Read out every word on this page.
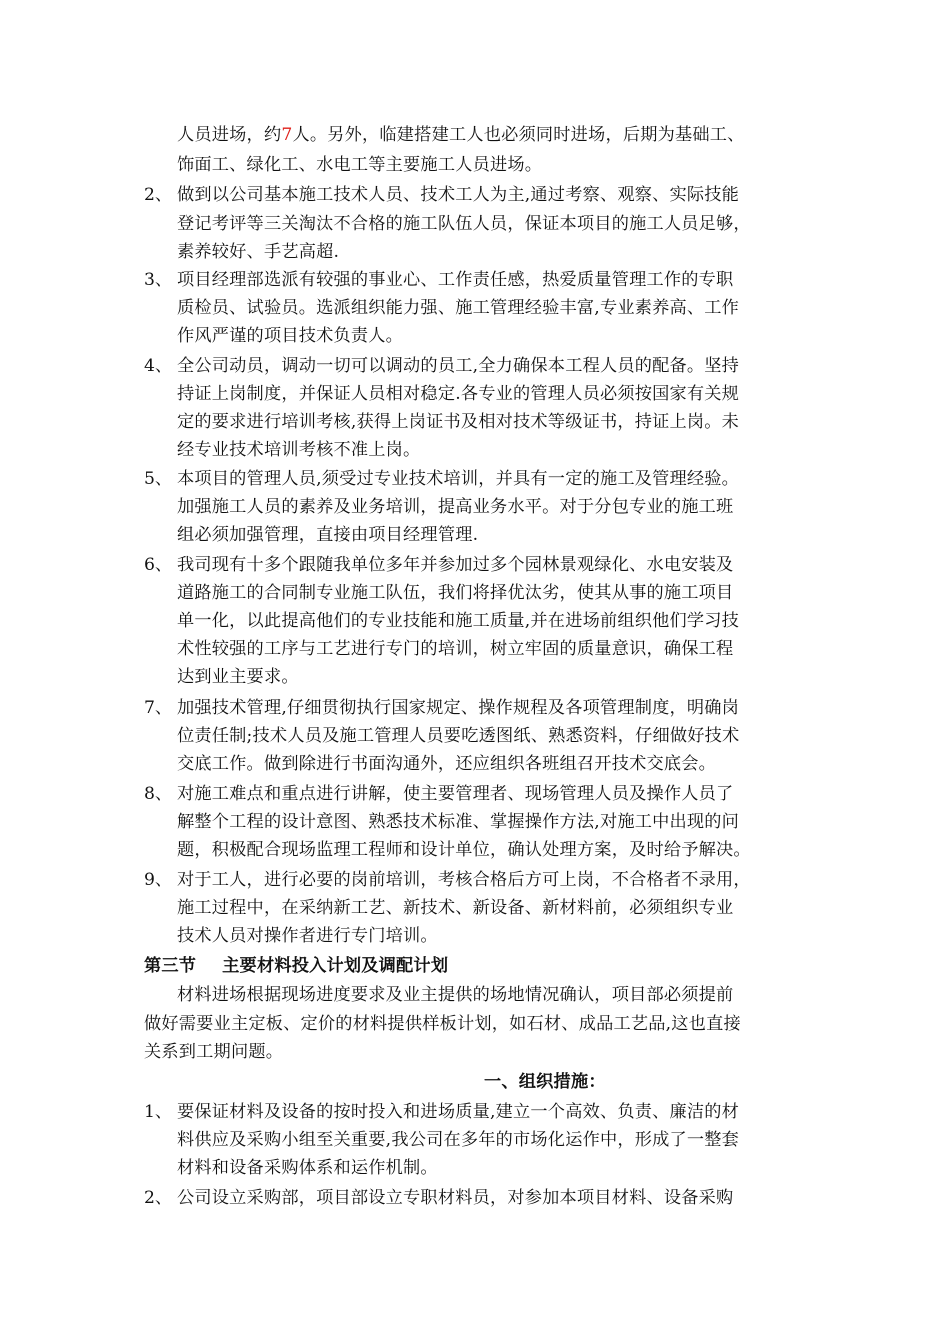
人员进场，约7人。另外，临建搭建工人也必须同时进场，后期为基础工、
饰面工、绿化工、水电工等主要施工人员进场。
2、 做到以公司基本施工技术人员、技术工人为主,通过考察、观察、实际技能
登记考评等三关淘汰不合格的施工队伍人员，保证本项目的施工人员足够，
素养较好、手艺高超.
3、 项目经理部选派有较强的事业心、工作责任感，热爱质量管理工作的专职
质检员、试验员。选派组织能力强、施工管理经验丰富,专业素养高、工作
作风严谨的项目技术负责人。
4、 全公司动员，调动一切可以调动的员工,全力确保本工程人员的配备。坚持
持证上岗制度，并保证人员相对稳定.各专业的管理人员必须按国家有关规
定的要求进行培训考核,获得上岗证书及相对技术等级证书，持证上岗。未
经专业技术培训考核不准上岗。
5、 本项目的管理人员,须受过专业技术培训，并具有一定的施工及管理经验。
加强施工人员的素养及业务培训，提高业务水平。对于分包专业的施工班
组必须加强管理，直接由项目经理管理.
6、 我司现有十多个跟随我单位多年并参加过多个园林景观绿化、水电安装及
道路施工的合同制专业施工队伍，我们将择优汰劣，使其从事的施工项目
单一化，以此提高他们的专业技能和施工质量,并在进场前组织他们学习技
术性较强的工序与工艺进行专门的培训，树立牢固的质量意识，确保工程
达到业主要求。
7、 加强技术管理,仔细贯彻执行国家规定、操作规程及各项管理制度，明确岗
位责任制;技术人员及施工管理人员要吃透图纸、熟悉资料，仔细做好技术
交底工作。做到除进行书面沟通外，还应组织各班组召开技术交底会。
8、 对施工难点和重点进行讲解，使主要管理者、现场管理人员及操作人员了
解整个工程的设计意图、熟悉技术标准、掌握操作方法,对施工中出现的问
题，积极配合现场监理工程师和设计单位，确认处理方案，及时给予解决。
9、 对于工人，进行必要的岗前培训，考核合格后方可上岗，不合格者不录用，
施工过程中，在采纳新工艺、新技术、新设备、新材料前，必须组织专业
技术人员对操作者进行专门培训。
第三节 主要材料投入计划及调配计划
材料进场根据现场进度要求及业主提供的场地情况确认，项目部必须提前
做好需要业主定板、定价的材料提供样板计划，如石材、成品工艺品,这也直接
关系到工期问题。
一、组织措施：
1、 要保证材料及设备的按时投入和进场质量,建立一个高效、负责、廉洁的材
料供应及采购小组至关重要,我公司在多年的市场化运作中，形成了一整套
材料和设备采购体系和运作机制。
2、 公司设立采购部，项目部设立专职材料员，对参加本项目材料、设备采购
